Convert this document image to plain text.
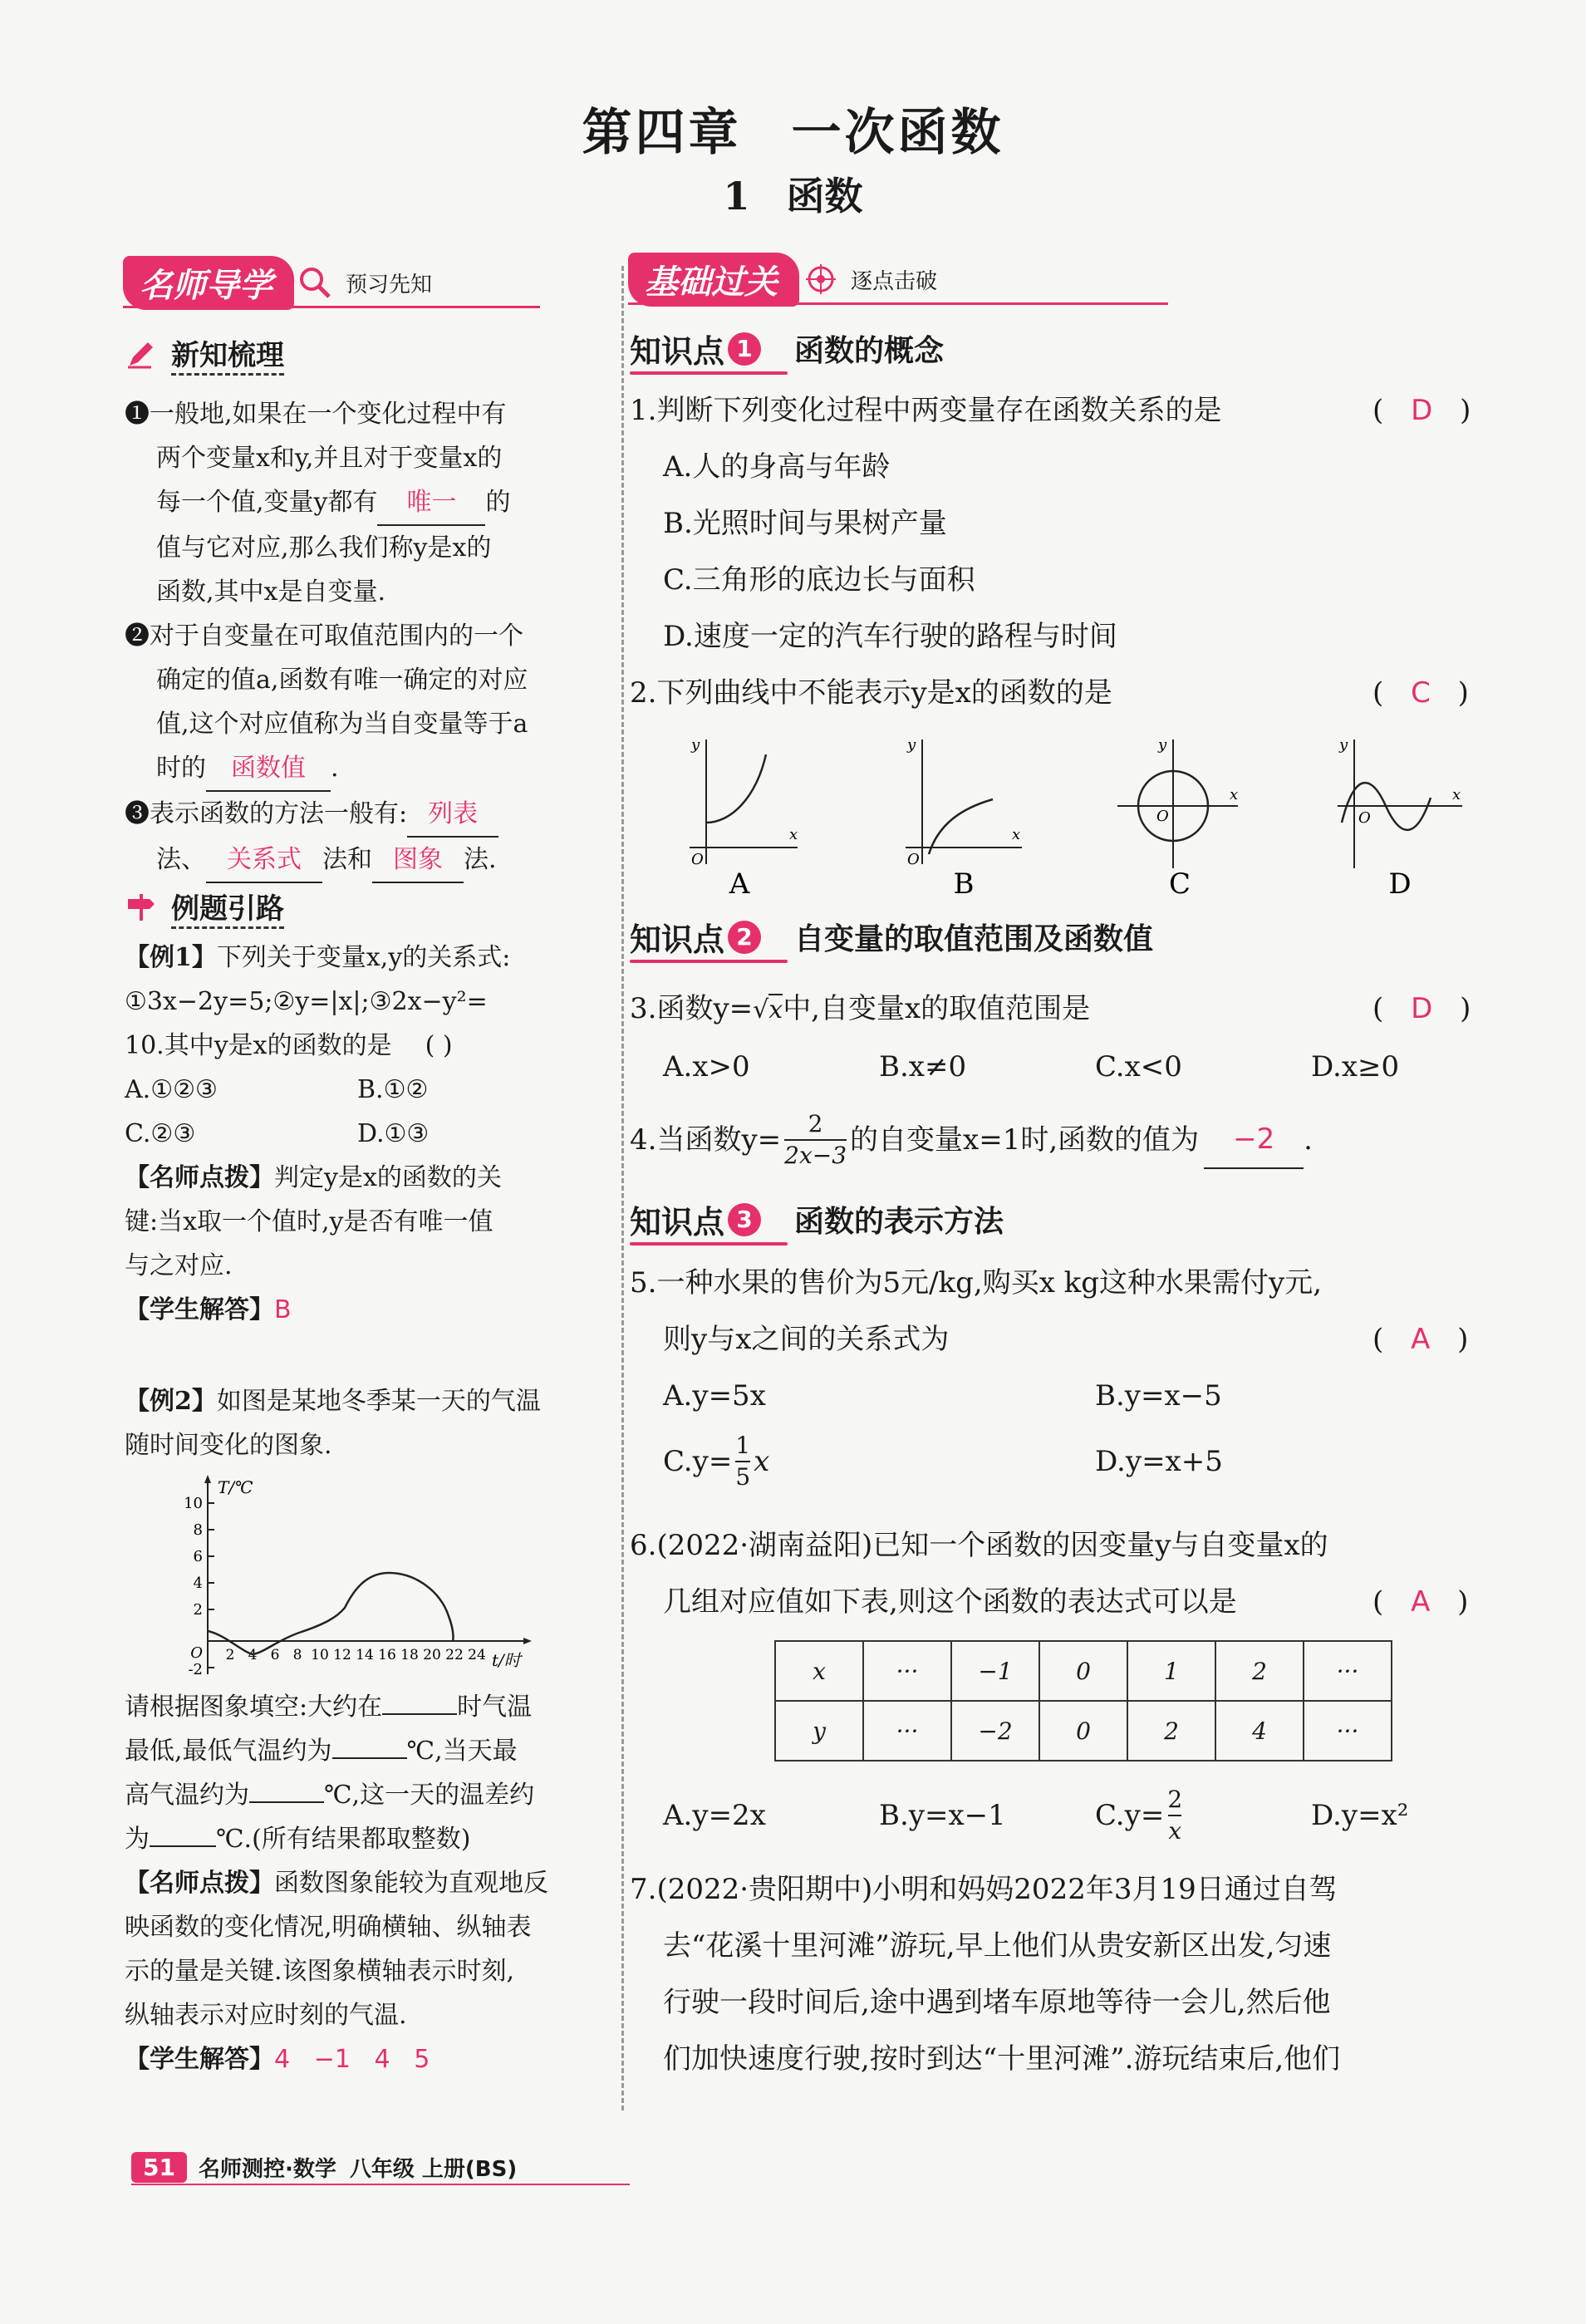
第四章 一次函数
1 函数
名师导学	预习先知
新知梳理
❶一般地,如果在一个变化过程中有
两个变量x和y,并且对于变量x的
每一个值,变量y都有 唯一 的
值与它对应,那么我们称y是x的
函数,其中x是自变量.
❷对于自变量在可取值范围内的一个
确定的值a,函数有唯一确定的对应
值,这个对应值称为当自变量等于a
时的 函数值 .
❸表示函数的方法一般有: 列表
法、 关系式 法和 图象 法.
例题引路
【例1】下列关于变量x,y的关系式:
①3x−2y=5;②y=|x|;③2x−y²=
10.其中y是x的函数的是 ( )
A.①②③	B.①②
C.②③	D.①③
【名师点拨】判定y是x的函数的关
键:当x取一个值时,y是否有唯一值
与之对应.
【学生解答】B
【例2】如图是某地冬季某一天的气温
随时间变化的图象.
T/℃
t/时
10
8
6
4
2
O
-2
2 4 6 8 10 12 14 16 18 20 22 24
请根据图象填空:大约在	时气温
最低,最低气温约为	℃,当天最
高气温约为	℃,这一天的温差约
为	℃.(所有结果都取整数)
【名师点拨】函数图象能较为直观地反
映函数的变化情况,明确横轴、纵轴表
示的量是关键.该图象横轴表示时刻,
纵轴表示对应时刻的气温.
【学生解答】4   −1   4   5
基础过关	逐点击破
知识点 1 函数的概念
1.判断下列变化过程中两变量存在函数关系的是
A.人的身高与年龄
B.光照时间与果树产量
C.三角形的底边长与面积
D.速度一定的汽车行驶的路程与时间
( D )
2.下列曲线中不能表示y是x的函数的是	( C )
y
x
O
A
y
x
O
B
y
x
O
C
y
x
O
D
知识点 2 自变量的取值范围及函数值
3.函数y=√x中,自变量x的取值范围是
A.x>0	B.x≠0	C.x<0	D.x≥0
( D )
4.当函数$y= \frac{2}{2x-3}$ 的自变量x=1时,函数的值为	−2	.
知识点 3 函数的表示方法
5.一种水果的售价为5元/kg,购买x kg这种水果需付y元,
则y与x之间的关系式为
A.y=5x	B.y=x−5
$C.y= \frac{1}{5}$ x	D.y=x+5
( A )
6.(2022·湖南益阳)已知一个函数的因变量y与自变量x的
几组对应值如下表,则这个函数的表达式可以是	( A )
x	···	−1	0	1	2	···
y	···	−2	0	2	4	···
A.y=2x	B.y=x−1	$C.y= \frac{2}{x}$	D.y=x²
7.(2022·贵阳期中)小明和妈妈2022年3月19日通过自驾
去“花溪十里河滩”游玩,早上他们从贵安新区出发,匀速
行驶一段时间后,途中遇到堵车原地等待一会儿,然后他
们加快速度行驶,按时到达“十里河滩”.游玩结束后,他们
51	名师测控·数学 八年级 上册(BS)
